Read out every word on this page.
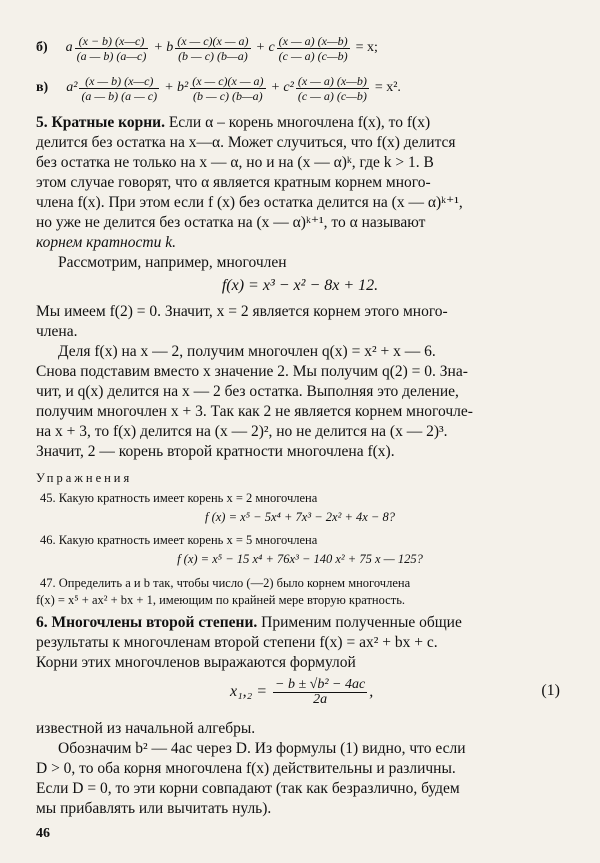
б) a $\frac{(x - b) (x—c)}{(a — b) (a—c)} + b \frac{(x — c)(x — a)}{(b — c) (b—a)} + c \frac{(x — a) (x—b)}{(c — a) (c—b)} = x$;
в) $a^2 \frac{(x — b) (x—c)}{(a — b) (a — c)} + b^2 \frac{(x — c)(x — a)}{(b — c) (b—a)} + c^2 \frac{(x — a) (x—b)}{(c — a) (c—b)} = x^2$.
5. Кратные корни. Если α – корень многочлена f(x), то f(x)
делится без остатка на x—α. Может случиться, что f(x) делится
без остатка не только на x — α, но и на (x — α)ᵏ, где k > 1. В
этом случае говорят, что α является кратным корнем много-
члена f(x). При этом если f (x) без остатка делится на (x — α)ᵏ⁺¹,
но уже не делится без остатка на (x — α)ᵏ⁺¹, то α называют
корнем кратности k.
Рассмотрим, например, многочлен
f(x) = x³ − x² − 8x + 12.
Мы имеем f(2) = 0. Значит, x = 2 является корнем этого много-
члена.
Деля f(x) на x — 2, получим многочлен q(x) = x² + x — 6.
Снова подставим вместо x значение 2. Мы получим q(2) = 0. Зна-
чит, и q(x) делится на x — 2 без остатка. Выполняя это деление,
получим многочлен x + 3. Так как 2 не является корнем многочле-
на x + 3, то f(x) делится на (x — 2)², но не делится на (x — 2)³.
Значит, 2 — корень второй кратности многочлена f(x).
Упражнения
45. Какую кратность имеет корень x = 2 многочлена
f (x) = x⁵ − 5x⁴ + 7x³ − 2x² + 4x − 8?
46. Какую кратность имеет корень x = 5 многочлена
f (x) = x⁵ − 15 x⁴ + 76x³ − 140 x² + 75 x — 125?
47. Определить a и b так, чтобы число (—2) было корнем многочлена
f(x) = x⁵ + ax² + bx + 1, имеющим по крайней мере вторую кратность.
6. Многочлены второй степени. Применим полученные общие
результаты к многочленам второй степени f(x) = ax² + bx + c.
Корни этих многочленов выражаются формулой
$x_1,_2 = \frac{\text{− b ± √b² − 4ac}}{2a}$ ,	(1)
известной из начальной алгебры.
Обозначим b² — 4ac через D. Из формулы (1) видно, что если
D > 0, то оба корня многочлена f(x) действительны и различны.
Если D = 0, то эти корни совпадают (так как безразлично, будем
мы прибавлять или вычитать нуль).
46
